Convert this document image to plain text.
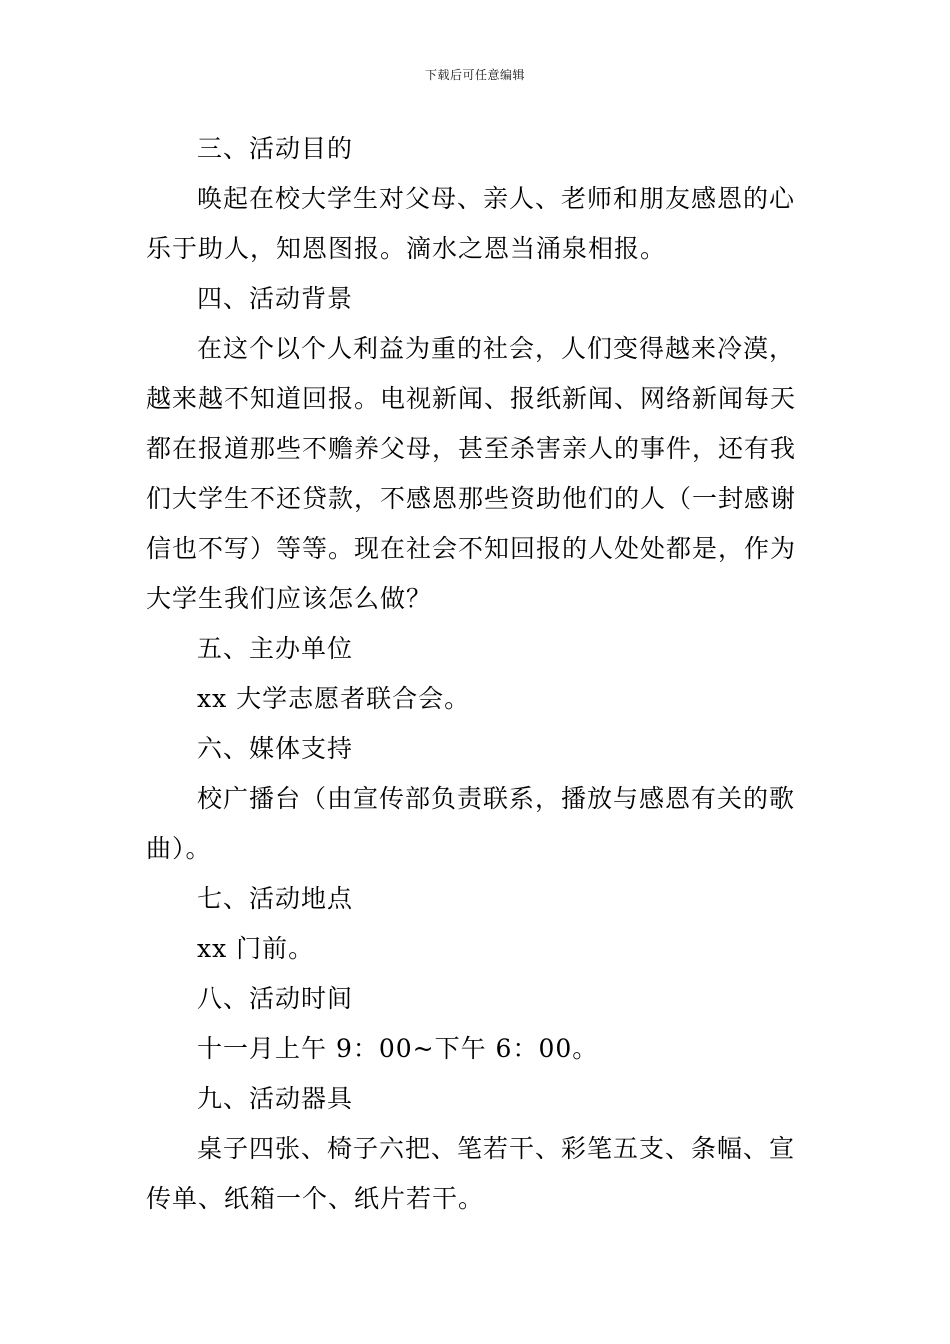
下载后可任意编辑
三、活动目的
唤起在校大学生对父母、亲人、老师和朋友感恩的心
乐于助人，知恩图报。滴水之恩当涌泉相报。
四、活动背景
在这个以个人利益为重的社会，人们变得越来冷漠，
越来越不知道回报。电视新闻、报纸新闻、网络新闻每天
都在报道那些不赡养父母，甚至杀害亲人的事件，还有我
们大学生不还贷款，不感恩那些资助他们的人（一封感谢
信也不写）等等。现在社会不知回报的人处处都是，作为
大学生我们应该怎么做？
五、主办单位
xx 大学志愿者联合会。
六、媒体支持
校广播台（由宣传部负责联系，播放与感恩有关的歌
曲）。
七、活动地点
xx 门前。
八、活动时间
十一月上午 9：00~下午 6：00。
九、活动器具
桌子四张、椅子六把、笔若干、彩笔五支、条幅、宣
传单、纸箱一个、纸片若干。
